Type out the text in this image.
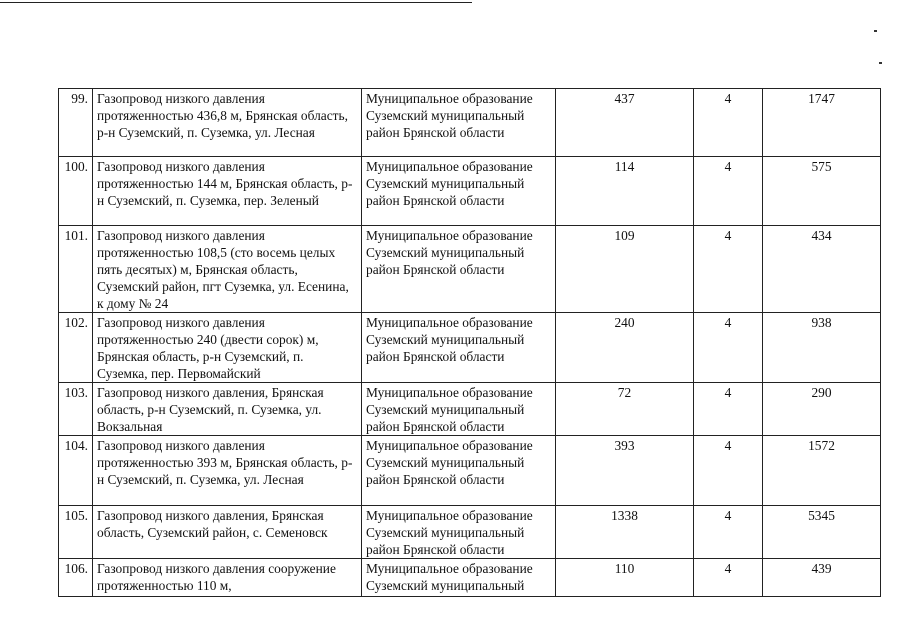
99.	Газопровод низкого давления протяженностью 436,8 м, Брянская область, р-н Суземский, п. Суземка, ул. Лесная	Муниципальное образование Суземский муниципальный район Брянской области	437	4	1747
100.	Газопровод низкого давления протяженностью 144 м, Брянская область, р-н Суземский, п. Суземка, пер. Зеленый	Муниципальное образование Суземский муниципальный район Брянской области	114	4	575
101.	Газопровод низкого давления протяженностью 108,5 (сто восемь целых пять десятых) м, Брянская область, Суземский район, пгт Суземка, ул. Есенина, к дому № 24	Муниципальное образование Суземский муниципальный район Брянской области	109	4	434
102.	Газопровод низкого давления протяженностью 240 (двести сорок) м, Брянская область, р-н Суземский, п. Суземка, пер. Первомайский	Муниципальное образование Суземский муниципальный район Брянской области	240	4	938
103.	Газопровод низкого давления, Брянская область, р-н Суземский, п. Суземка, ул. Вокзальная	Муниципальное образование Суземский муниципальный район Брянской области	72	4	290
104.	Газопровод низкого давления протяженностью 393 м, Брянская область, р-н Суземский, п. Суземка, ул. Лесная	Муниципальное образование Суземский муниципальный район Брянской области	393	4	1572
105.	Газопровод низкого давления, Брянская область, Суземский район, с. Семеновск	Муниципальное образование Суземский муниципальный район Брянской области	1338	4	5345
106.	Газопровод низкого давления сооружение протяженностью 110 м,	Муниципальное образование Суземский муниципальный	110	4	439
